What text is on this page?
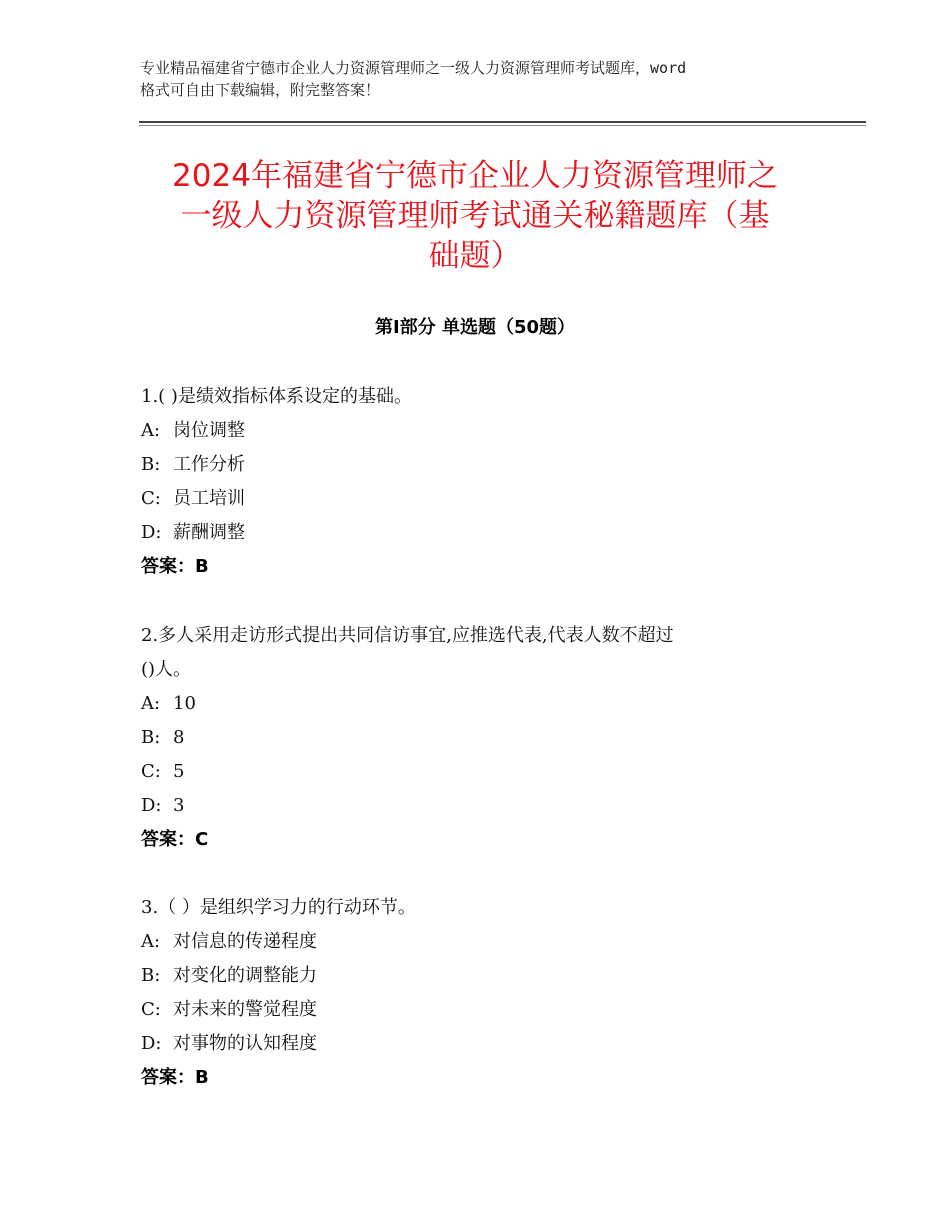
专业精品福建省宁德市企业人力资源管理师之一级人力资源管理师考试题库，word
格式可自由下载编辑，附完整答案！
2024年福建省宁德市企业人力资源管理师之
一级人力资源管理师考试通关秘籍题库（基
础题）
第Ⅰ部分 单选题（50题）
1.( )是绩效指标体系设定的基础。
A: 岗位调整
B: 工作分析
C: 员工培训
D: 薪酬调整
答案：B
2.多人采用走访形式提出共同信访事宜,应推选代表,代表人数不超过
()人。
A: 10
B: 8
C: 5
D: 3
答案：C
3.（ ）是组织学习力的行动环节。
A: 对信息的传递程度
B: 对变化的调整能力
C: 对未来的警觉程度
D: 对事物的认知程度
答案：B
